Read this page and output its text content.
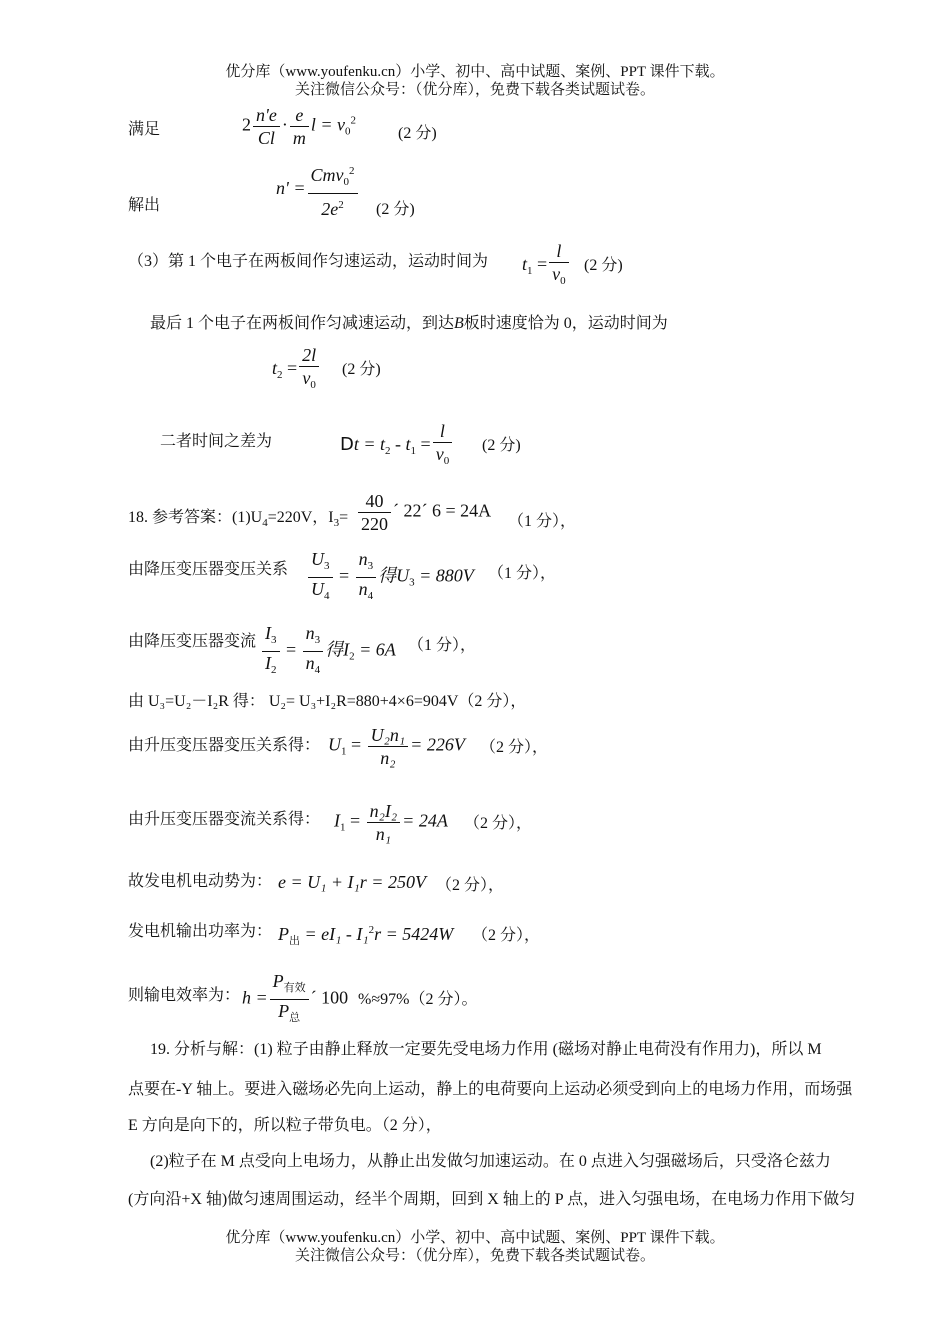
优分库（www.youfenku.cn）小学、初中、高中试题、案例、PPT 课件下载。
关注微信公众号：（优分库），免费下载各类试题试卷。
满足	$2 \frac{n'e}{Cl} \cdot \frac{e}{m}$ $l = v_0^2$
(2 分)
$n' = \frac{Cmv_0^2}{2e^2}$
解出	(2 分)
（3）第 1 个电子在两板间作匀速运动，运动时间为 $t_1 = \frac{l}{v_0} (2$ 分)
最后 1 个电子在两板间作匀减速运动，到达B板时速度恰为 0，运动时间为
$t_2 = \frac{2l}{v_0} (2$ 分)
二者时间之差为	$Dt = t_2 - t_1 = \frac{l}{v_0} (2$ 分)
18. 参考答案：$(1)U_4=220V$，$I_3= \frac{40}{220}$ ´ 22´ 6 = 24A
（1 分），
由降压变压器变压关系 $\frac{U_3}{U_4} = \frac{n_3}{n_4}$ 得$U_3 = 880V$ （1 分），
由降压变压器变流 $\frac{I_3}{I_2} = \frac{n_3}{n_4}$ 得$I_2 = 6A$ （1 分），
由 U₃=U₂－I₂R 得： U₂= U₃+I₂R=880+4×6=904V（2 分），
由升压变压器变压关系得： $U_1 = \frac{\text{U₂n₁}}{\text{n₂}} = 226V$ （2 分），
由升压变压器变流关系得： $I_1 = \frac{\text{n₂I₂}}{\text{n₁}} = 24A$ （2 分），
故发电机电动势为： e = U₁ + I₁r = 250V （2 分），
发电机输出功率为： $P_出 = eI_1 - I_1^2r = 5424W$ （2 分），
则输电效率为： $h = \frac{P_{有效}}{P_总}$ ´ 100 %≈97%（2 分）。
19. 分析与解：(1) 粒子由静止释放一定要先受电场力作用 (磁场对静止电荷没有作用力)，所以 M
点要在-Y 轴上。要进入磁场必先向上运动，静上的电荷要向上运动必须受到向上的电场力作用，而场强
E 方向是向下的，所以粒子带负电。（2 分），
(2)粒子在 M 点受向上电场力，从静止出发做匀加速运动。在 0 点进入匀强磁场后，只受洛仑兹力
(方向沿+X 轴)做匀速周围运动，经半个周期，回到 X 轴上的 P 点，进入匀强电场，在电场力作用下做匀
优分库（www.youfenku.cn）小学、初中、高中试题、案例、PPT 课件下载。
关注微信公众号：（优分库），免费下载各类试题试卷。
